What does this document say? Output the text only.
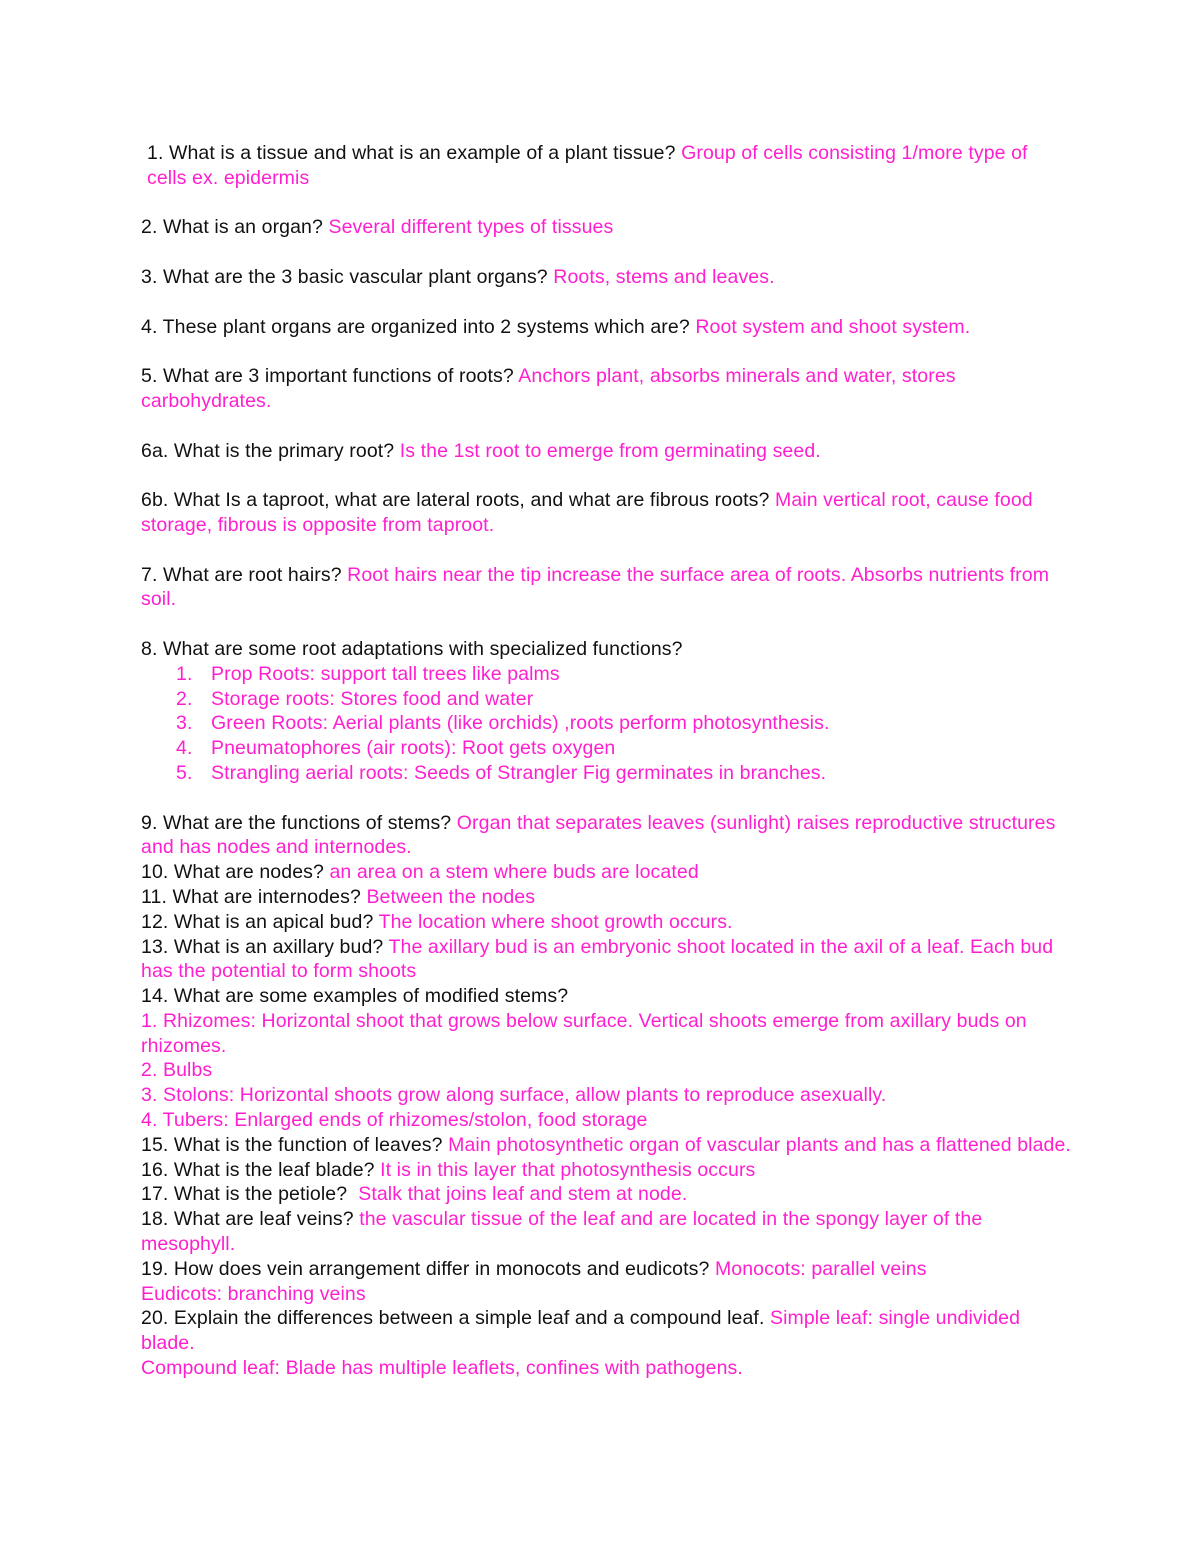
1. What is a tissue and what is an example of a plant tissue? Group of cells consisting 1/more type of cells ex. epidermis

2. What is an organ? Several different types of tissues

3. What are the 3 basic vascular plant organs? Roots, stems and leaves.

4. These plant organs are organized into 2 systems which are? Root system and shoot system.

5. What are 3 important functions of roots? Anchors plant, absorbs minerals and water, stores carbohydrates.

6a. What is the primary root? Is the 1st root to emerge from germinating seed.

6b. What Is a taproot, what are lateral roots, and what are fibrous roots? Main vertical root, cause food storage, fibrous is opposite from taproot.

7. What are root hairs? Root hairs near the tip increase the surface area of roots. Absorbs nutrients from soil.

8. What are some root adaptations with specialized functions?

1. Prop Roots: support tall trees like palms
2. Storage roots: Stores food and water
3. Green Roots: Aerial plants (like orchids) ,roots perform photosynthesis.
4. Pneumatophores (air roots): Root gets oxygen
5. Strangling aerial roots: Seeds of Strangler Fig germinates in branches.

9. What are the functions of stems? Organ that separates leaves (sunlight) raises reproductive structures and has nodes and internodes.

10. What are nodes? an area on a stem where buds are located

11. What are internodes? Between the nodes

12. What is an apical bud? The location where shoot growth occurs.

13. What is an axillary bud? The axillary bud is an embryonic shoot located in the axil of a leaf. Each bud has the potential to form shoots

14. What are some examples of modified stems?

1. Rhizomes: Horizontal shoot that grows below surface. Vertical shoots emerge from axillary buds on rhizomes.

2. Bulbs

3. Stolons: Horizontal shoots grow along surface, allow plants to reproduce asexually.

4. Tubers: Enlarged ends of rhizomes/stolon, food storage

15. What is the function of leaves? Main photosynthetic organ of vascular plants and has a flattened blade.

16. What is the leaf blade? It is in this layer that photosynthesis occurs

17. What is the petiole?  Stalk that joins leaf and stem at node.

18. What are leaf veins? the vascular tissue of the leaf and are located in the spongy layer of the mesophyll.

19. How does vein arrangement differ in monocots and eudicots? Monocots: parallel veins

Eudicots: branching veins

20. Explain the differences between a simple leaf and a compound leaf. Simple leaf: single undivided blade.

Compound leaf: Blade has multiple leaflets, confines with pathogens.
